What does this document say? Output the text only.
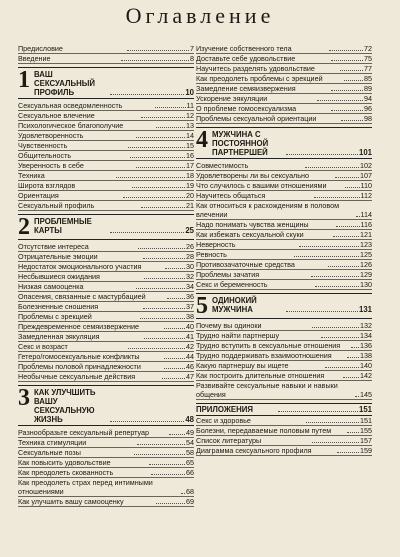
Оглавление
Предисловие	7
Введение	8
1 ВАШ СЕКСУАЛЬНЫЙ ПРОФИЛЬ	10
Сексуальная осведомленность	11
Сексуальное влечение	12
Психологическое благополучие	13
Удовлетворенность	14
Чувственность	15
Общительность	16
Уверенность в себе	17
Техника	18
Широта взглядов	19
Ориентация	20
Сексуальный профиль	21
2 ПРОБЛЕМНЫЕ КАРТЫ	25
Отсутствие интереса	26
Отрицательные эмоции	28
Недостаток эмоционального участия	30
Несбывшиеся ожидания	32
Низкая самооценка	34
Опасения, связанные с мастурбацией	36
Болезненные сношения	37
Проблемы с эрекцией	38
Преждевременное семяизвержение	40
Замедленная эякуляция	41
Секс и возраст	42
Гетеро/гомосексуальные конфликты	44
Проблемы половой принадлежности	46
Необычные сексуальные действия	47
3 КАК УЛУЧШИТЬ ВАШУ СЕКСУАЛЬНУЮ ЖИЗНЬ	48
Разнообразьте сексуальный репертуар	49
Техника стимуляции	54
Сексуальные позы	58
Как повысить удовольствие	65
Как преодолеть скованность	66
Как преодолеть страх перед интимными отношениями	68
Как улучшить вашу самооценку	69
Изучение собственного тела	72
Доставьте себе удовольствие	75
Научитесь разделять удовольствие	77
Как преодолеть проблемы с эрекцией	85
Замедление семяизвержения	89
Ускорение эякуляции	94
О проблеме гомосексуализма	96
Проблемы сексуальной ориентации	98
4 МУЖЧИНА С ПОСТОЯННОЙ ПАРТНЕРШЕЙ	101
Совместимость	102
Удовлетворены ли вы сексуально	107
Что случилось с вашими отношениями	110
Научитесь общаться	112
Как относиться к расхождениям в половом влечении	114
Надо понимать чувства женщины	116
Как избежать сексуальной скуки	121
Неверность	123
Ревность	125
Противозачаточные средства	126
Проблемы зачатия	129
Секс и беременность	130
5 ОДИНОКИЙ МУЖЧИНА	131
Почему вы одиноки	132
Трудно найти партнершу	134
Трудно вступить в сексуальные отношения	136
Трудно поддерживать взаимоотношения	138
Какую партнершу вы ищете	140
Как построить длительные отношения	142
Развивайте сексуальные навыки и навыки общения	145
ПРИЛОЖЕНИЯ	151
Секс и здоровье	151
Болезни, передаваемые половым путем	155
Список литературы	157
Диаграмма сексуального профиля	159
